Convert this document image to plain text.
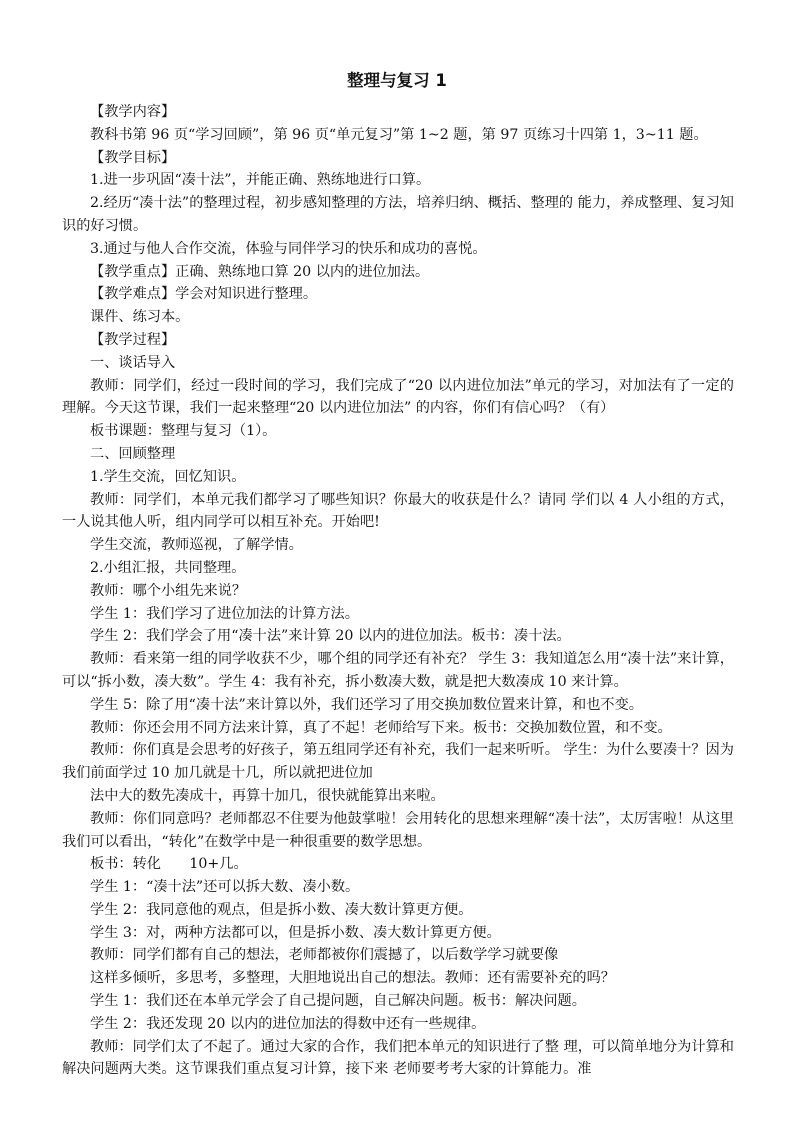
整理与复习 1

【教学内容】

教科书第 96 页“学习回顾”，第 96 页“单元复习”第 1~2 题，第 97 页练习十四第 1，3~11 题。

【教学目标】

1.进一步巩固“凑十法”，并能正确、熟练地进行口算。

2.经历“凑十法”的整理过程，初步感知整理的方法，培养归纳、概括、整理的 能力，养成整理、复习知识的好习惯。

3.通过与他人合作交流，体验与同伴学习的快乐和成功的喜悦。

【教学重点】正确、熟练地口算 20 以内的进位加法。

【教学难点】学会对知识进行整理。

课件、练习本。

【教学过程】

一、谈话导入

教师：同学们，经过一段时间的学习，我们完成了“20 以内进位加法”单元的学习，对加法有了一定的理解。今天这节课，我们一起来整理“20 以内进位加法” 的内容，你们有信心吗？（有）

板书课题：整理与复习（1）。

二、回顾整理

1.学生交流，回忆知识。

教师：同学们，本单元我们都学习了哪些知识？你最大的收获是什么？请同 学们以 4 人小组的方式，一人说其他人听，组内同学可以相互补充。开始吧!

学生交流，教师巡视，了解学情。

2.小组汇报，共同整理。

教师：哪个小组先来说？

学生 1：我们学习了进位加法的计算方法。

学生 2：我们学会了用“凑十法”来计算 20 以内的进位加法。板书：凑十法。

教师：看来第一组的同学收获不少，哪个组的同学还有补充？ 学生 3：我知道怎么用“凑十法”来计算，可以“拆小数，凑大数”。学生 4：我有补充，拆小数凑大数，就是把大数凑成 10 来计算。

学生 5：除了用“凑十法”来计算以外，我们还学习了用交换加数位置来计算，和也不变。

教师：你还会用不同方法来计算，真了不起！老师给写下来。板书：交换加数位置，和不变。

教师：你们真是会思考的好孩子，第五组同学还有补充，我们一起来听听。 学生：为什么要凑十？因为我们前面学过 10 加几就是十几，所以就把进位加

法中大的数先凑成十，再算十加几，很快就能算出来啦。

教师：你们同意吗？老师都忍不住要为他鼓掌啦！会用转化的思想来理解“凑十法”，太厉害啦！从这里我们可以看出，“转化”在数学中是一种很重要的数学思想。

板书：转化　　10+几。

学生 1：“凑十法”还可以拆大数、凑小数。

学生 2：我同意他的观点，但是拆小数、凑大数计算更方便。

学生 3：对，两种方法都可以，但是拆小数、凑大数计算更方便。

教师：同学们都有自己的想法，老师都被你们震撼了，以后数学学习就要像

这样多倾听，多思考，多整理，大胆地说出自己的想法。教师：还有需要补充的吗？

学生 1：我们还在本单元学会了自己提问题，自己解决问题。板书：解决问题。

学生 2：我还发现 20 以内的进位加法的得数中还有一些规律。

教师：同学们太了不起了。通过大家的合作，我们把本单元的知识进行了整 理，可以简单地分为计算和解决问题两大类。这节课我们重点复习计算，接下来 老师要考考大家的计算能力。准
